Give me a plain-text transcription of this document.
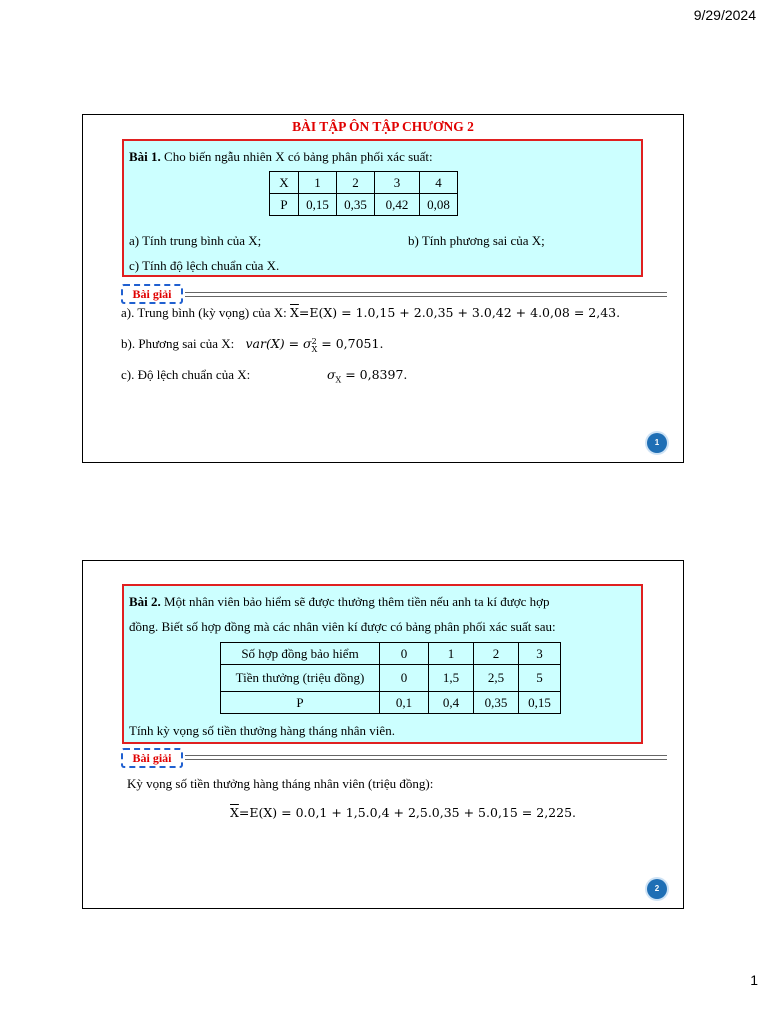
9/29/2024
BÀI TẬP ÔN TẬP CHƯƠNG 2
Bài 1. Cho biến ngẫu nhiên X có bảng phân phối xác suất:
X	1	2	3	4
P	0,15	0,35	0,42	0,08
a) Tính trung bình của X;	b) Tính phương sai của X;
c) Tính độ lệch chuẩn của X.
Bài giải
a). Trung bình (kỳ vọng) của X: $\overline{X}=E(X) = 1.0,15 + 2.0,35 + 3.0,42 + 4.0,08 = 2,43$.
b). Phương sai của X: var(X) = σ 2
X = 0,7051.
c). Độ lệch chuẩn của X:	$\sigma_X = 0,8397$.
1
Bài 2. Một nhân viên bảo hiểm sẽ được thưởng thêm tiền nếu anh ta kí được hợp
đồng. Biết số hợp đồng mà các nhân viên kí được có bảng phân phối xác suất sau:
Số hợp đồng bảo hiểm	0	1	2	3
Tiền thưởng (triệu đồng)	0	1,5	2,5	5
P	0,1	0,4	0,35	0,15
Tính kỳ vọng số tiền thưởng hàng tháng nhân viên.
Bài giải
Kỳ vọng số tiền thưởng hàng tháng nhân viên (triệu đồng):
$\overline{X}=E(X) = 0.0,1 + 1,5.0,4 + 2,5.0,35 + 5.0,15 = 2,225$.
2
1
